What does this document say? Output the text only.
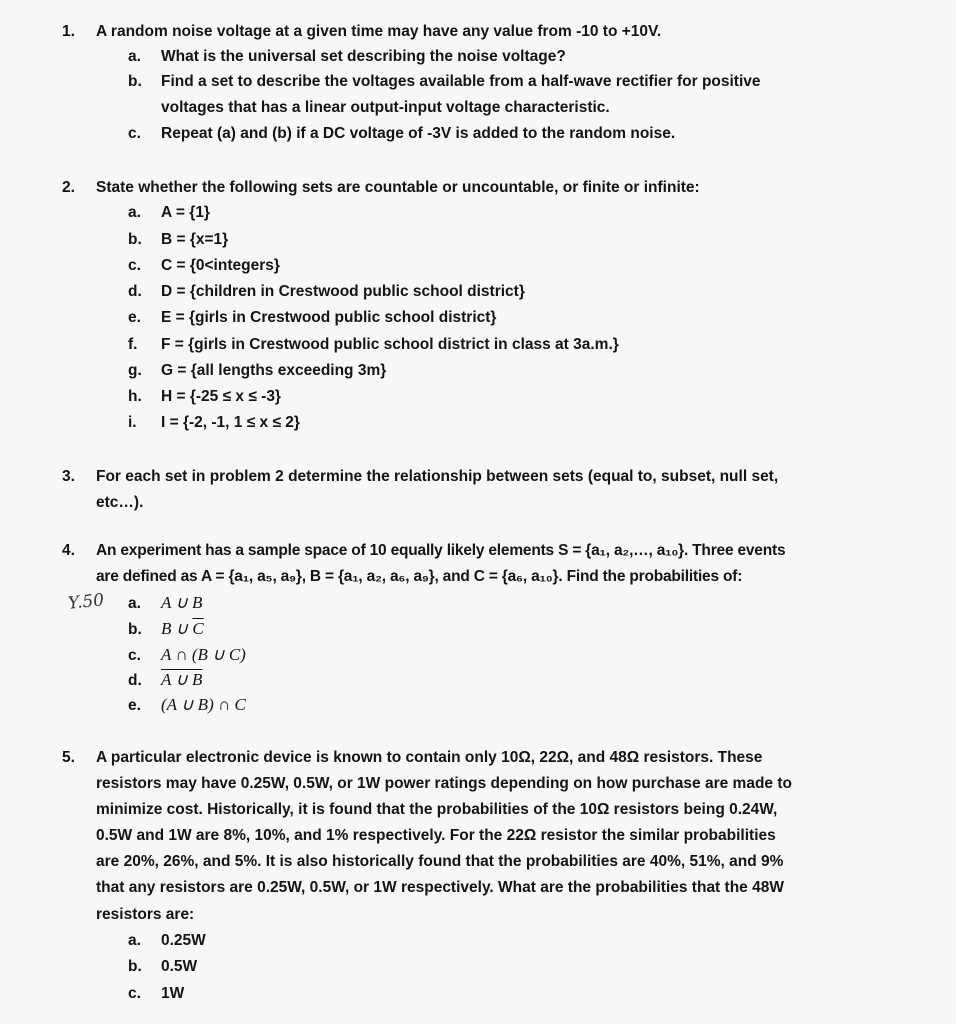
1. A random noise voltage at a given time may have any value from -10 to +10V.
a. What is the universal set describing the noise voltage?
b. Find a set to describe the voltages available from a half-wave rectifier for positive
voltages that has a linear output-input voltage characteristic.
c. Repeat (a) and (b) if a DC voltage of -3V is added to the random noise.
2. State whether the following sets are countable or uncountable, or finite or infinite:
a. A = {1}
b. B = {x=1}
c. C = {0<integers}
d. D = {children in Crestwood public school district}
e. E = {girls in Crestwood public school district}
f. F = {girls in Crestwood public school district in class at 3a.m.}
g. G = {all lengths exceeding 3m}
h. H = {-25 ≤ x ≤ -3}
i. I = {-2, -1, 1 ≤ x ≤ 2}
3. For each set in problem 2 determine the relationship between sets (equal to, subset, null set,
etc…).
4. An experiment has a sample space of 10 equally likely elements S = {a₁, a₂,…, a₁₀}. Three events
are defined as A = {a₁, a₅, a₉}, B = {a₁, a₂, a₆, a₉}, and C = {a₆, a₁₀}. Find the probabilities of:
Y.50 a. A ∪ B
b. B ∪ $\overline{C}$
c. A ∩ (B ∪ C)
d. A ∪ B
e. (A ∪ B) ∩ C
5. A particular electronic device is known to contain only 10Ω, 22Ω, and 48Ω resistors. These
resistors may have 0.25W, 0.5W, or 1W power ratings depending on how purchase are made to
minimize cost. Historically, it is found that the probabilities of the 10Ω resistors being 0.24W,
0.5W and 1W are 8%, 10%, and 1% respectively. For the 22Ω resistor the similar probabilities
are 20%, 26%, and 5%. It is also historically found that the probabilities are 40%, 51%, and 9%
that any resistors are 0.25W, 0.5W, or 1W respectively. What are the probabilities that the 48W
resistors are:
a. 0.25W
b. 0.5W
c. 1W
